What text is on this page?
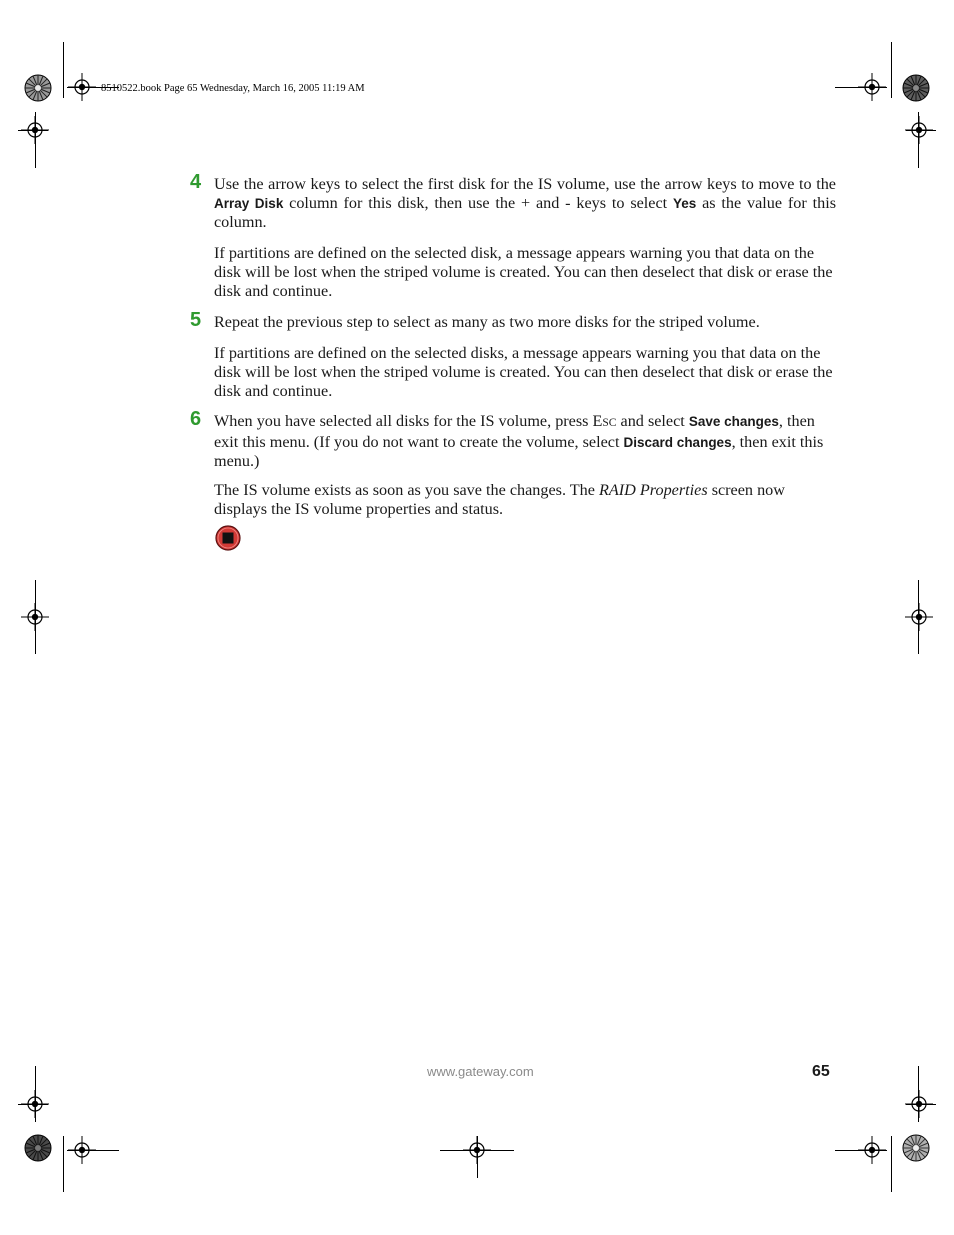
8510522.book Page 65 Wednesday, March 16, 2005 11:19 AM
4 Use the arrow keys to select the first disk for the IS volume, use the arrow keys to move to the Array Disk column for this disk, then use the + and - keys to select Yes as the value for this column.
If partitions are defined on the selected disk, a message appears warning you that data on the disk will be lost when the striped volume is created. You can then deselect that disk or erase the disk and continue.
5 Repeat the previous step to select as many as two more disks for the striped volume.
If partitions are defined on the selected disks, a message appears warning you that data on the disk will be lost when the striped volume is created. You can then deselect that disk or erase the disk and continue.
6 When you have selected all disks for the IS volume, press ESC and select Save changes, then exit this menu. (If you do not want to create the volume, select Discard changes, then exit this menu.)
The IS volume exists as soon as you save the changes. The RAID Properties screen now displays the IS volume properties and status.
www.gateway.com	65
